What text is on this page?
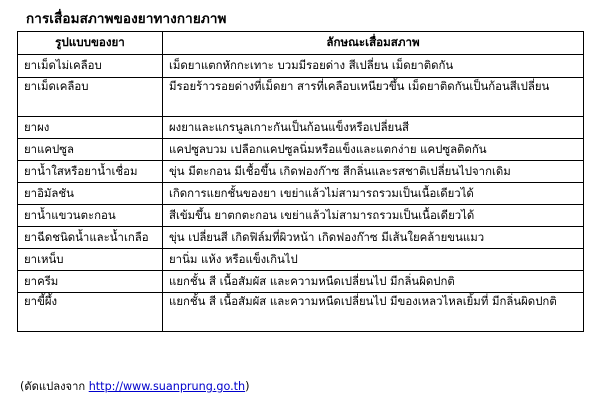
การเสื่อมสภาพของยาทางกายภาพ
รูปแบบของยา	ลักษณะเสื่อมสภาพ
ยาเม็ดไม่เคลือบ	เม็ดยาแตกหักกะเทาะ บวมมีรอยด่าง สีเปลี่ยน เม็ดยาติดกัน
ยาเม็ดเคลือบ	มีรอยร้าวรอยด่างที่เม็ดยา สารที่เคลือบเหนียวขึ้น เม็ดยาติดกันเป็นก้อนสีเปลี่ยน
ยาผง	ผงยาและแกรนูลเกาะกันเป็นก้อนแข็งหรือเปลี่ยนสี
ยาแคปซูล	แคปซูลบวม เปลือกแคปซูลนิ่มหรือแข็งและแตกง่าย แคปซูลติดกัน
ยาน้ำใสหรือยาน้ำเชื่อม	ขุ่น มีตะกอน มีเชื้อขึ้น เกิดฟองก๊าซ สีกลิ่นและรสชาติเปลี่ยนไปจากเดิม
ยาอิมัลชัน	เกิดการแยกชั้นของยา เขย่าแล้วไม่สามารถรวมเป็นเนื้อเดียวได้
ยาน้ำแขวนตะกอน	สีเข้มขึ้น ยาตกตะกอน เขย่าแล้วไม่สามารถรวมเป็นเนื้อเดียวได้
ยาฉีดชนิดน้ำและน้ำเกลือ	ขุ่น เปลี่ยนสี เกิดฟิล์มที่ผิวหน้า เกิดฟองก๊าซ มีเส้นใยคล้ายขนแมว
ยาเหน็บ	ยานิ่ม แห้ง หรือแข็งเกินไป
ยาครีม	แยกชั้น สี เนื้อสัมผัส และความหนืดเปลี่ยนไป มีกลิ่นผิดปกติ
ยาขี้ผึ้ง	แยกชั้น สี เนื้อสัมผัส และความหนืดเปลี่ยนไป มีของเหลวไหลเยิ้มที่ มีกลิ่นผิดปกติ
(ดัดแปลงจาก http://www.suanprung.go.th)
